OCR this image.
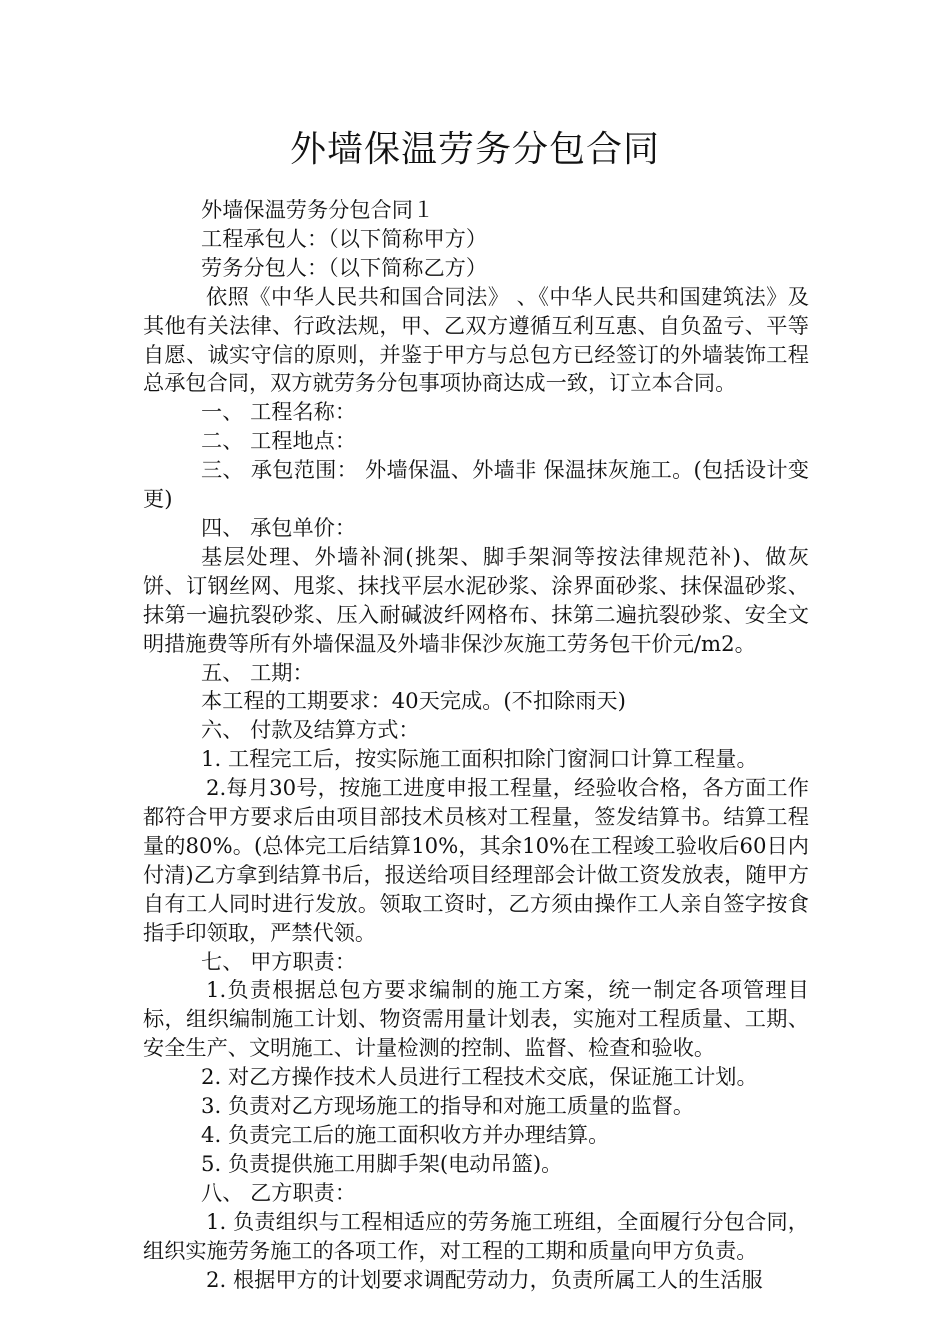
外墙保温劳务分包合同

外墙保温劳务分包合同１

工程承包人：（以下简称甲方）

劳务分包人：（以下简称乙方）

依照《中华人民共和国合同法》 、《中华人民共和国建筑法》及其他有关法律、行政法规，甲、乙双方遵循互利互惠、自负盈亏、平等自愿、诚实守信的原则，并鉴于甲方与总包方已经签订的外墙装饰工程总承包合同，双方就劳务分包事项协商达成一致，订立本合同。

一、 工程名称：

二、 工程地点：

三、 承包范围： 外墙保温、外墙非 保温抹灰施工。(包括设计变更)

四、 承包单价：

基层处理、外墙补洞(挑架、脚手架洞等按法律规范补)、做灰饼、订钢丝网、甩浆、抹找平层水泥砂浆、涂界面砂浆、抹保温砂浆、抹第一遍抗裂砂浆、压入耐碱波纤网格布、抹第二遍抗裂砂浆、安全文明措施费等所有外墙保温及外墙非保沙灰施工劳务包干价元/m2。

五、 工期：

本工程的工期要求：40天完成。(不扣除雨天)

六、 付款及结算方式：

1. 工程完工后，按实际施工面积扣除门窗洞口计算工程量。

2.每月30号，按施工进度申报工程量，经验收合格，各方面工作都符合甲方要求后由项目部技术员核对工程量，签发结算书。结算工程量的80%。(总体完工后结算10%，其余10%在工程竣工验收后60日内付清)乙方拿到结算书后，报送给项目经理部会计做工资发放表，随甲方自有工人同时进行发放。领取工资时，乙方须由操作工人亲自签字按食指手印领取，严禁代领。

七、 甲方职责：

1.负责根据总包方要求编制的施工方案，统一制定各项管理目标，组织编制施工计划、物资需用量计划表，实施对工程质量、工期、安全生产、文明施工、计量检测的控制、监督、检查和验收。

2. 对乙方操作技术人员进行工程技术交底，保证施工计划。

3. 负责对乙方现场施工的指导和对施工质量的监督。

4. 负责完工后的施工面积收方并办理结算。

5. 负责提供施工用脚手架(电动吊篮)。

八、 乙方职责：

1. 负责组织与工程相适应的劳务施工班组，全面履行分包合同，组织实施劳务施工的各项工作，对工程的工期和质量向甲方负责。

2. 根据甲方的计划要求调配劳动力，负责所属工人的生活服
